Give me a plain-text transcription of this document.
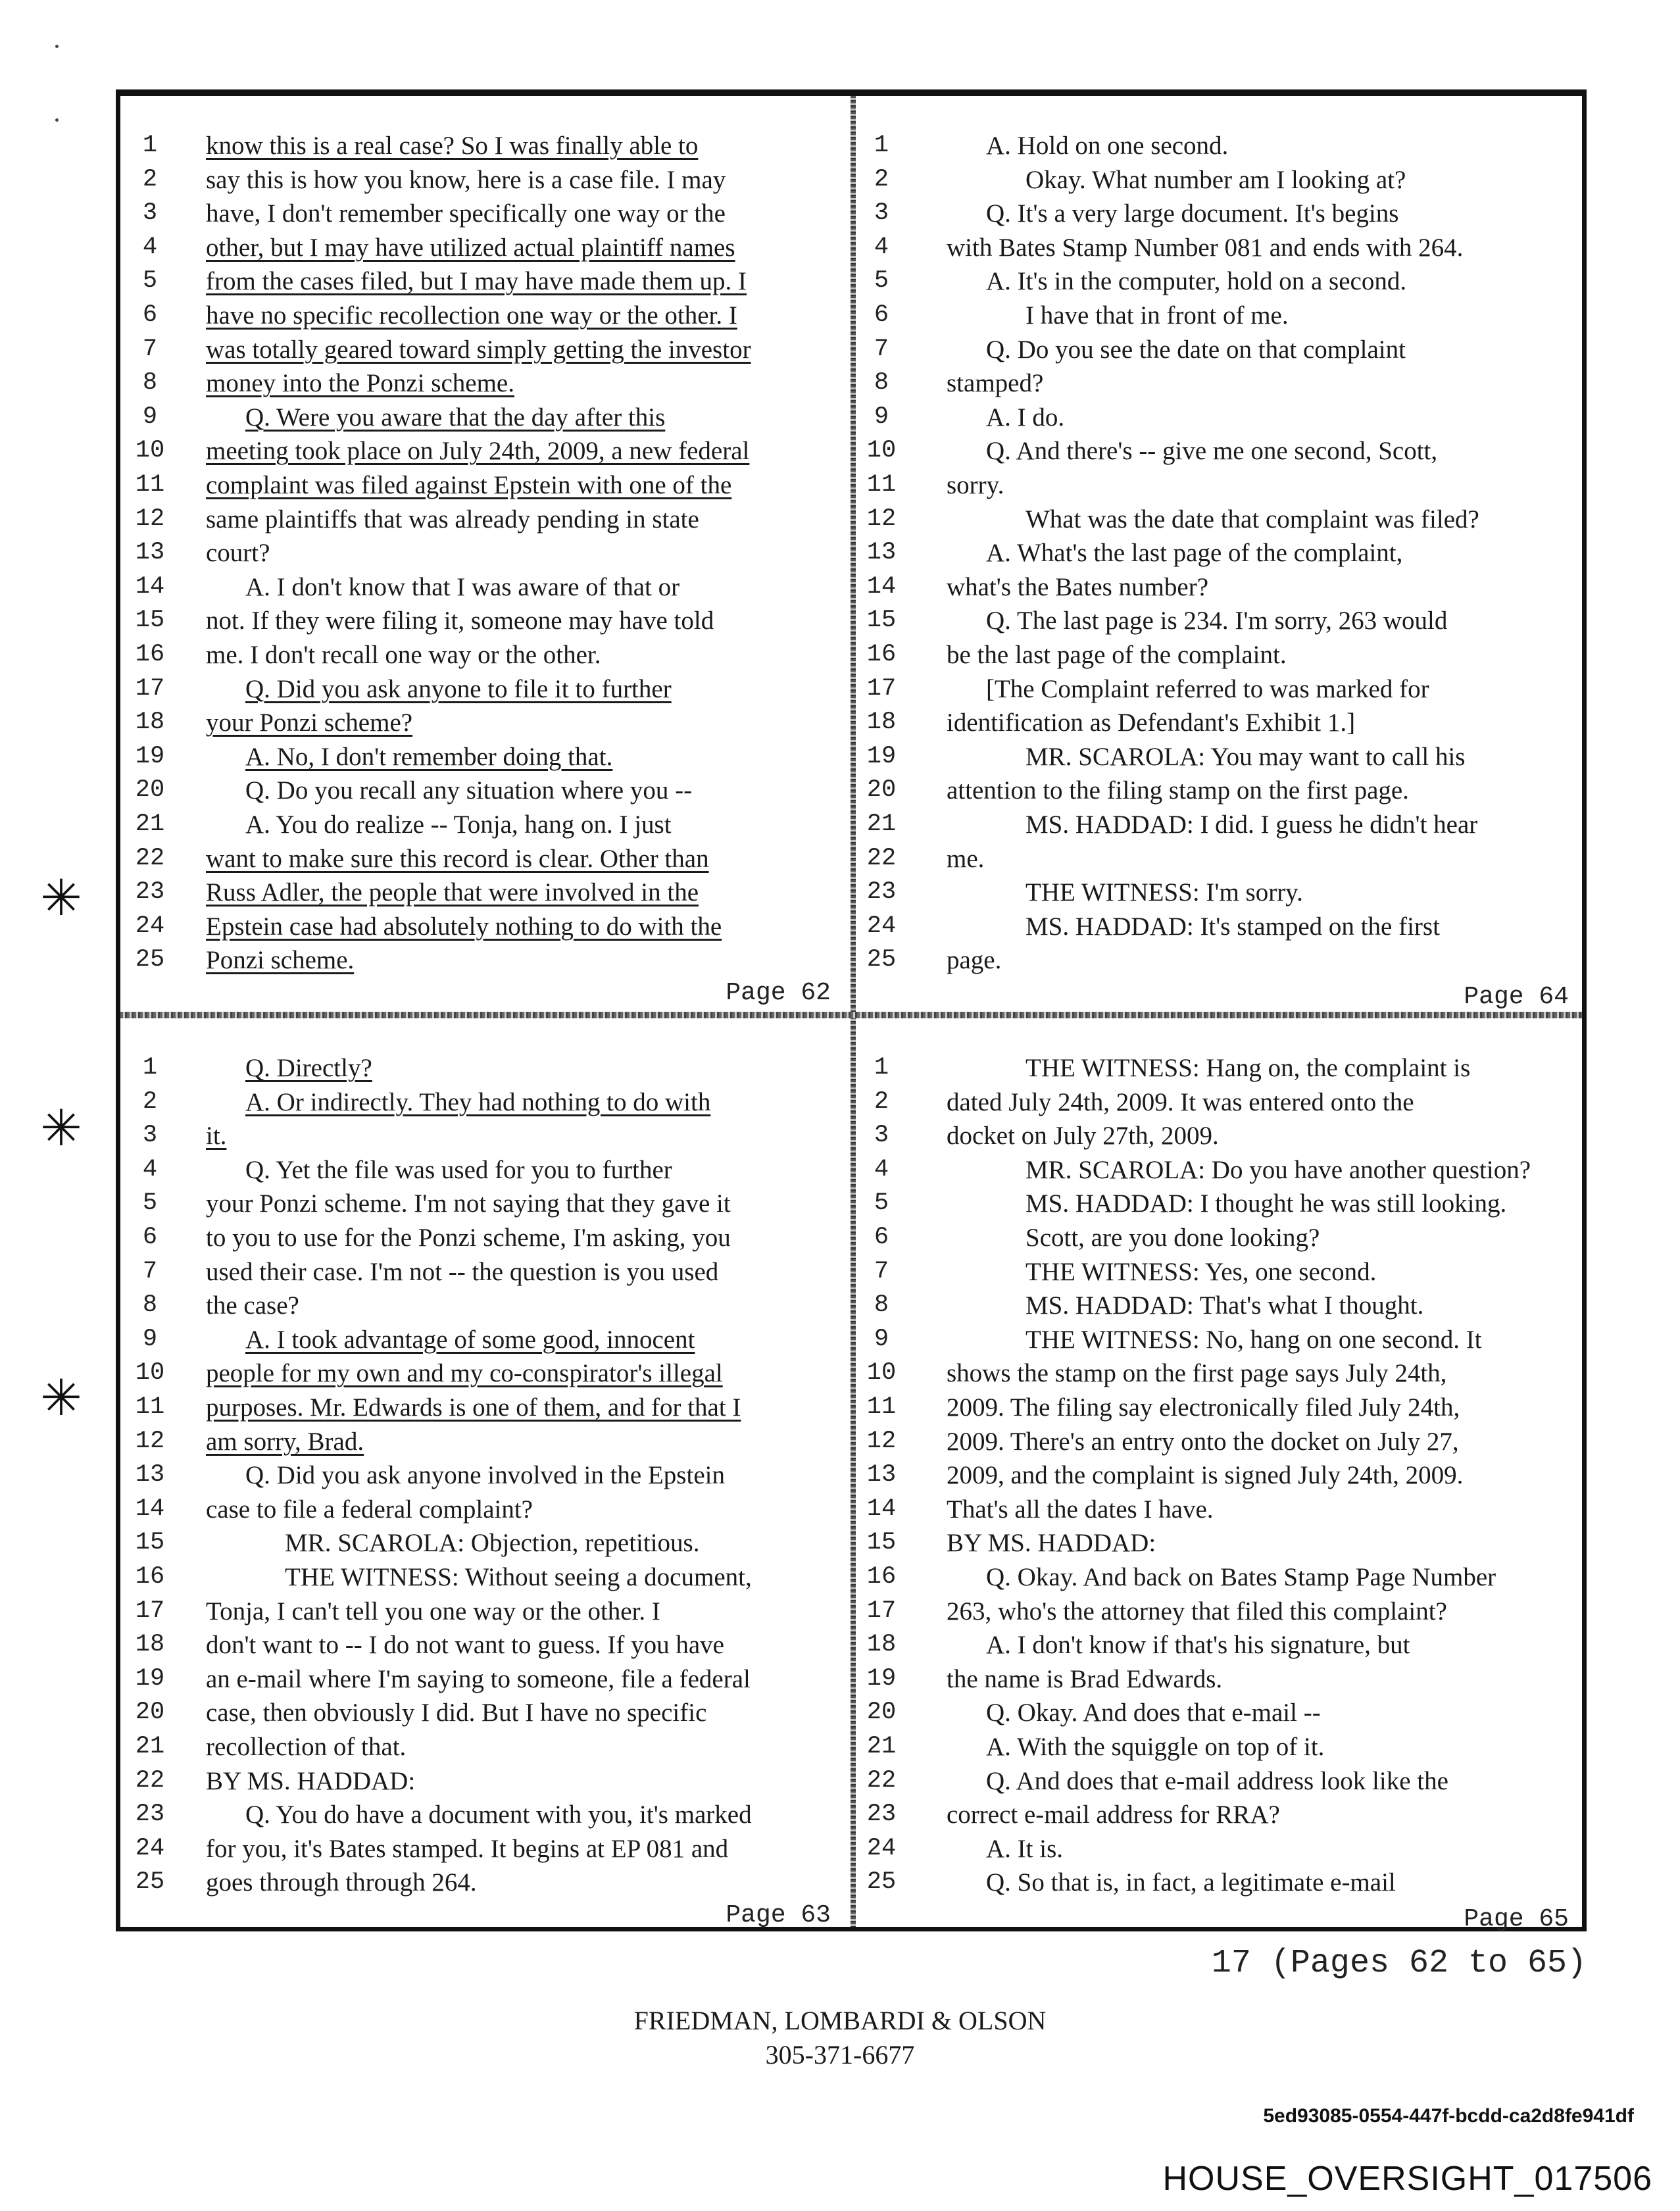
Page 62
1	know this is a real case? So I was finally able to
2	say this is how you know, here is a case file. I may
3	have, I don't remember specifically one way or the
4	other, but I may have utilized actual plaintiff names
5	from the cases filed, but I may have made them up. I
6	have no specific recollection one way or the other. I
7	was totally geared toward simply getting the investor
8	money into the Ponzi scheme.
9	Q. Were you aware that the day after this
10	meeting took place on July 24th, 2009, a new federal
11	complaint was filed against Epstein with one of the
12	same plaintiffs that was already pending in state
13	court?
14	A. I don't know that I was aware of that or
15	not. If they were filing it, someone may have told
16	me. I don't recall one way or the other.
17	Q. Did you ask anyone to file it to further
18	your Ponzi scheme?
19	A. No, I don't remember doing that.
20	Q. Do you recall any situation where you --
21	A. You do realize -- Tonja, hang on. I just
22	want to make sure this record is clear. Other than
23	Russ Adler, the people that were involved in the
24	Epstein case had absolutely nothing to do with the
25	Ponzi scheme.
Page 64
1	A. Hold on one second.
2	Okay. What number am I looking at?
3	Q. It's a very large document. It's begins
4	with Bates Stamp Number 081 and ends with 264.
5	A. It's in the computer, hold on a second.
6	I have that in front of me.
7	Q. Do you see the date on that complaint
8	stamped?
9	A. I do.
10	Q. And there's -- give me one second, Scott,
11	sorry.
12	What was the date that complaint was filed?
13	A. What's the last page of the complaint,
14	what's the Bates number?
15	Q. The last page is 234. I'm sorry, 263 would
16	be the last page of the complaint.
17	[The Complaint referred to was marked for
18	identification as Defendant's Exhibit 1.]
19	MR. SCAROLA: You may want to call his
20	attention to the filing stamp on the first page.
21	MS. HADDAD: I did. I guess he didn't hear
22	me.
23	THE WITNESS: I'm sorry.
24	MS. HADDAD: It's stamped on the first
25	page.
Page 63
1	Q. Directly?
2	A. Or indirectly. They had nothing to do with
3	it.
4	Q. Yet the file was used for you to further
5	your Ponzi scheme. I'm not saying that they gave it
6	to you to use for the Ponzi scheme, I'm asking, you
7	used their case. I'm not -- the question is you used
8	the case?
9	A. I took advantage of some good, innocent
10	people for my own and my co-conspirator's illegal
11	purposes. Mr. Edwards is one of them, and for that I
12	am sorry, Brad.
13	Q. Did you ask anyone involved in the Epstein
14	case to file a federal complaint?
15	MR. SCAROLA: Objection, repetitious.
16	THE WITNESS: Without seeing a document,
17	Tonja, I can't tell you one way or the other. I
18	don't want to -- I do not want to guess. If you have
19	an e-mail where I'm saying to someone, file a federal
20	case, then obviously I did. But I have no specific
21	recollection of that.
22	BY MS. HADDAD:
23	Q. You do have a document with you, it's marked
24	for you, it's Bates stamped. It begins at EP 081 and
25	goes through through 264.
Page 65
1	THE WITNESS: Hang on, the complaint is
2	dated July 24th, 2009. It was entered onto the
3	docket on July 27th, 2009.
4	MR. SCAROLA: Do you have another question?
5	MS. HADDAD: I thought he was still looking.
6	Scott, are you done looking?
7	THE WITNESS: Yes, one second.
8	MS. HADDAD: That's what I thought.
9	THE WITNESS: No, hang on one second. It
10	shows the stamp on the first page says July 24th,
11	2009. The filing say electronically filed July 24th,
12	2009. There's an entry onto the docket on July 27,
13	2009, and the complaint is signed July 24th, 2009.
14	That's all the dates I have.
15	BY MS. HADDAD:
16	Q. Okay. And back on Bates Stamp Page Number
17	263, who's the attorney that filed this complaint?
18	A. I don't know if that's his signature, but
19	the name is Brad Edwards.
20	Q. Okay. And does that e-mail --
21	A. With the squiggle on top of it.
22	Q. And does that e-mail address look like the
23	correct e-mail address for RRA?
24	A. It is.
25	Q. So that is, in fact, a legitimate e-mail
✳
✳
✳
17 (Pages 62 to 65)
FRIEDMAN, LOMBARDI & OLSON
305-371-6677
5ed93085-0554-447f-bcdd-ca2d8fe941df
HOUSE_OVERSIGHT_017506
